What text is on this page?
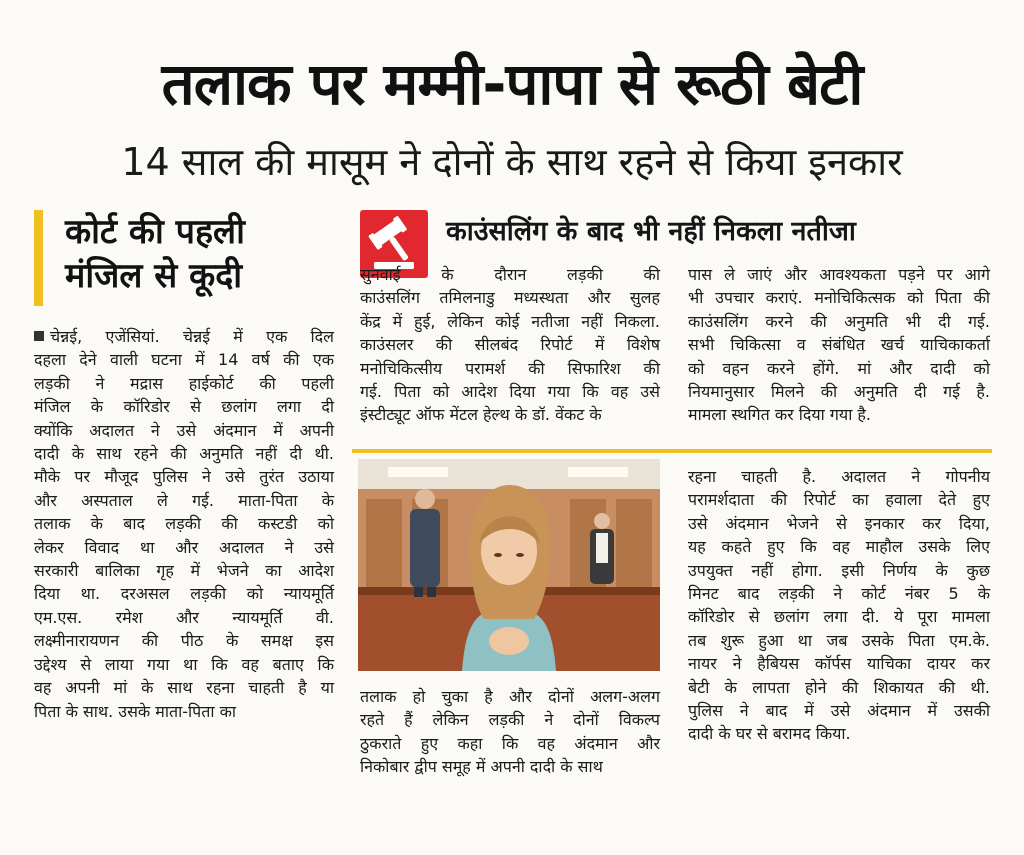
तलाक पर मम्मी-पापा से रूठी बेटी
14 साल की मासूम ने दोनों के साथ रहने से किया इनकार
कोर्ट की पहली
मंजिल से कूदी
चेन्नई, एजेंसियां. चेन्नई में एक दिल
दहला देने वाली घटना में 14 वर्ष की एक
लड़की ने मद्रास हाईकोर्ट की पहली
मंजिल के कॉरिडोर से छलांग लगा दी
क्योंकि अदालत ने उसे अंदमान में अपनी
दादी के साथ रहने की अनुमति नहीं दी थी.
मौके पर मौजूद पुलिस ने उसे तुरंत उठाया
और अस्पताल ले गई. माता-पिता के
तलाक के बाद लड़की की कस्टडी को
लेकर विवाद था और अदालत ने उसे
सरकारी बालिका गृह में भेजने का आदेश
दिया था. दरअसल लड़की को न्यायमूर्ति
एम.एस. रमेश और न्यायमूर्ति वी.
लक्ष्मीनारायणन की पीठ के समक्ष इस
उद्देश्य से लाया गया था कि वह बताए कि
वह अपनी मां के साथ रहना चाहती है या
पिता के साथ. उसके माता-पिता का
काउंसलिंग के बाद भी नहीं निकला नतीजा
सुनवाई के दौरान लड़की की
काउंसलिंग तमिलनाडु मध्यस्थता और सुलह
केंद्र में हुई, लेकिन कोई नतीजा नहीं निकला.
काउंसलर की सीलबंद रिपोर्ट में विशेष
मनोचिकित्सीय परामर्श की सिफारिश की
गई. पिता को आदेश दिया गया कि वह उसे
इंस्टीट्यूट ऑफ मेंटल हेल्थ के डॉ. वेंकट के
पास ले जाएं और आवश्यकता पड़ने पर आगे
भी उपचार कराएं. मनोचिकित्सक को पिता की
काउंसलिंग करने की अनुमति भी दी गई.
सभी चिकित्सा व संबंधित खर्च याचिकाकर्ता
को वहन करने होंगे. मां और दादी को
नियमानुसार मिलने की अनुमति दी गई है.
मामला स्थगित कर दिया गया है.
तलाक हो चुका है और दोनों अलग-अलग
रहते हैं लेकिन लड़की ने दोनों विकल्प
ठुकराते हुए कहा कि वह अंदमान और
निकोबार द्वीप समूह में अपनी दादी के साथ
रहना चाहती है. अदालत ने गोपनीय
परामर्शदाता की रिपोर्ट का हवाला देते हुए
उसे अंदमान भेजने से इनकार कर दिया,
यह कहते हुए कि वह माहौल उसके लिए
उपयुक्त नहीं होगा. इसी निर्णय के कुछ
मिनट बाद लड़की ने कोर्ट नंबर 5 के
कॉरिडोर से छलांग लगा दी. ये पूरा मामला
तब शुरू हुआ था जब उसके पिता एम.के.
नायर ने हैबियस कॉर्पस याचिका दायर कर
बेटी के लापता होने की शिकायत की थी.
पुलिस ने बाद में उसे अंदमान में उसकी
दादी के घर से बरामद किया.
